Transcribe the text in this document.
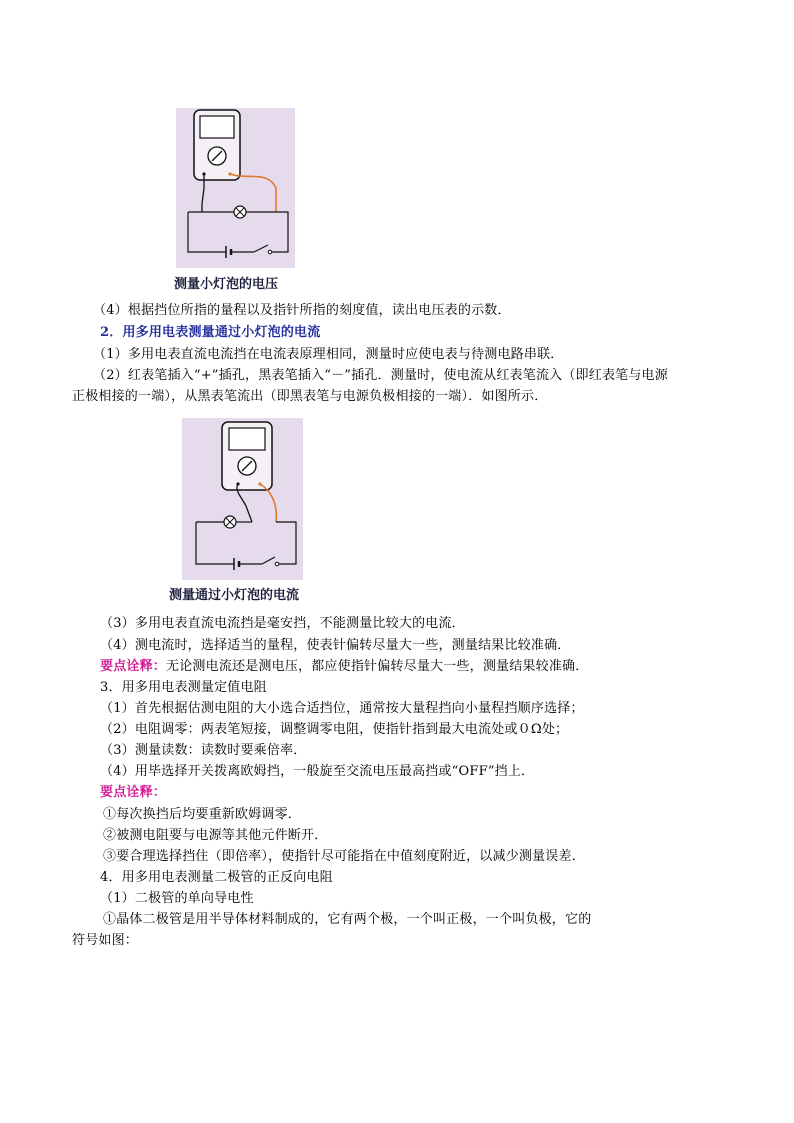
测量小灯泡的电压
（4）根据挡位所指的量程以及指针所指的刻度值，读出电压表的示数．
2．用多用电表测量通过小灯泡的电流
（1）多用电表直流电流挡在电流表原理相同，测量时应使电表与待测电路串联．
（2）红表笔插入“+”插孔，黑表笔插入“－”插孔．测量时，使电流从红表笔流入（即红表笔与电源
正极相接的一端），从黑表笔流出（即黑表笔与电源负极相接的一端）．如图所示．
测量通过小灯泡的电流
（3）多用电表直流电流挡是毫安挡，不能测量比较大的电流．
（4）测电流时，选择适当的量程，使表针偏转尽量大一些，测量结果比较准确．
要点诠释：无论测电流还是测电压，都应使指针偏转尽量大一些，测量结果较准确．
3．用多用电表测量定值电阻
（1）首先根据估测电阻的大小选合适挡位，通常按大量程挡向小量程挡顺序选择；
（2）电阻调零：两表笔短接，调整调零电阻，使指针指到最大电流处或０Ω处；
（3）测量读数：读数时要乘倍率．
（4）用毕选择开关拨离欧姆挡，一般旋至交流电压最高挡或“OFF”挡上．
要点诠释：
①每次换挡后均要重新欧姆调零．
②被测电阻要与电源等其他元件断开．
③要合理选择挡住（即倍率），使指针尽可能指在中值刻度附近，以减少测量误差．
4．用多用电表测量二极管的正反向电阻
（1）二极管的单向导电性
①晶体二极管是用半导体材料制成的，它有两个极，一个叫正极，一个叫负极，它的
符号如图：
